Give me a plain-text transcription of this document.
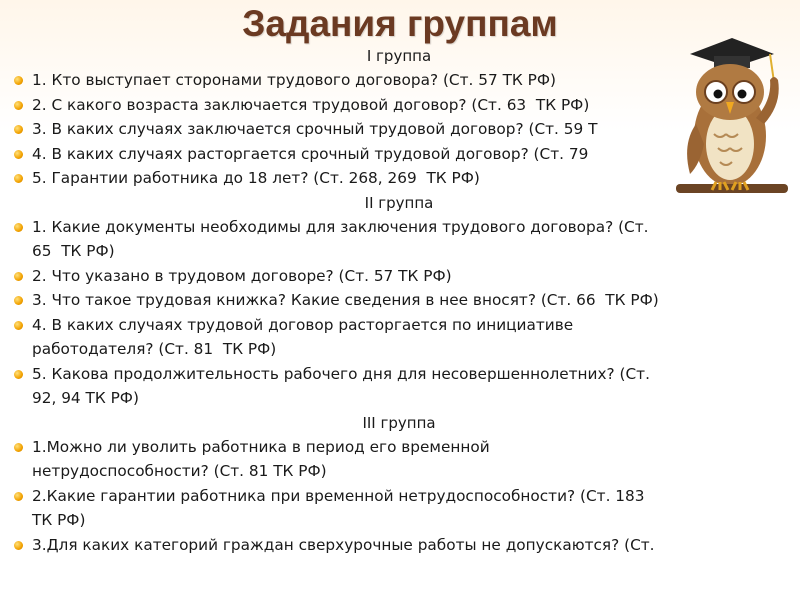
Задания группам
I группа
1. Кто выступает сторонами трудового договора? (Ст. 57 ТК РФ)
2. С какого возраста заключается трудовой договор? (Ст. 63  ТК РФ)
3. В каких случаях заключается срочный трудовой договор? (Ст. 59 Т
4. В каких случаях расторгается срочный трудовой договор? (Ст. 79
5. Гарантии работника до 18 лет? (Ст. 268, 269  ТК РФ)
II группа
1. Какие документы необходимы для заключения трудового договора? (Ст.
65  ТК РФ)
2. Что указано в трудовом договоре? (Ст. 57 ТК РФ)
3. Что такое трудовая книжка? Какие сведения в нее вносят? (Ст. 66  ТК РФ)
4. В каких случаях трудовой договор расторгается по инициативе
работодателя? (Ст. 81  ТК РФ)
5. Какова продолжительность рабочего дня для несовершеннолетних? (Ст.
92, 94 ТК РФ)
III группа
1.Можно ли уволить работника в период его временной
нетрудоспособности? (Ст. 81 ТК РФ)
2.Какие гарантии работника при временной нетрудоспособности? (Ст. 183
ТК РФ)
3.Для каких категорий граждан сверхурочные работы не допускаются? (Ст.
